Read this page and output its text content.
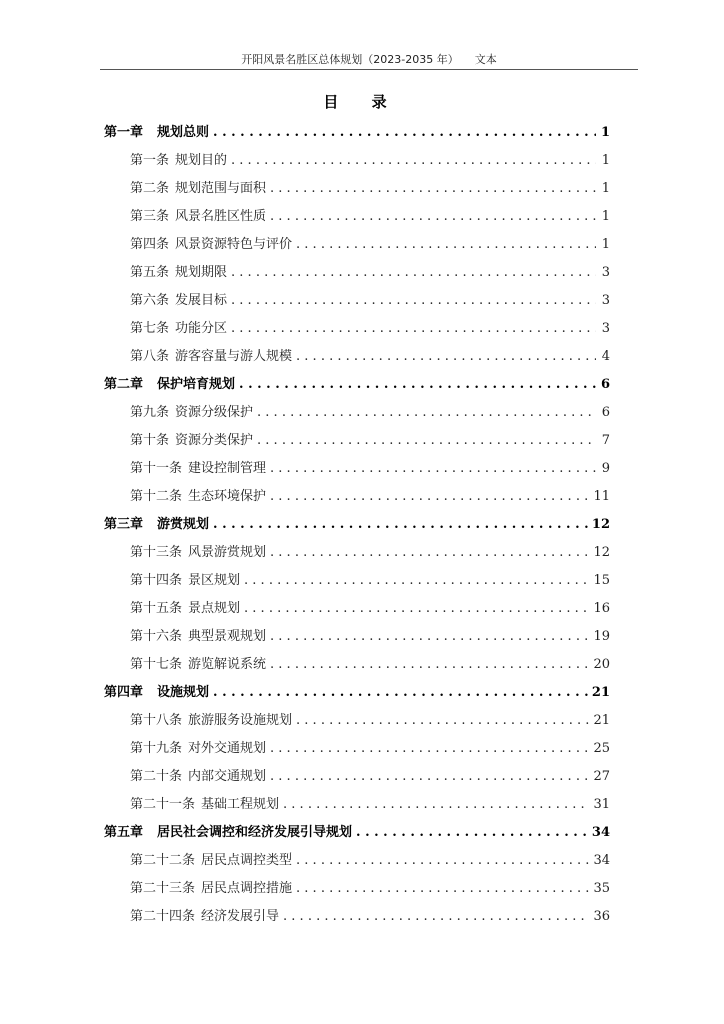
开阳风景名胜区总体规划（2023-2035 年） 文本
目 录
第一章 规划总则 . . .	1
第一条 规划目的 . . .	1
第二条 规划范围与面积 . . .	1
第三条 风景名胜区性质 . . .	1
第四条 风景资源特色与评价 . . .	1
第五条 规划期限 . . .	3
第六条 发展目标 . . .	3
第七条 功能分区 . . .	3
第八条 游客容量与游人规模 . . .	4
第二章 保护培育规划 . . .	6
第九条 资源分级保护 . . .	6
第十条 资源分类保护 . . .	7
第十一条 建设控制管理 . . .	9
第十二条 生态环境保护 . . .	11
第三章 游赏规划 . . .	12
第十三条 风景游赏规划 . . .	12
第十四条 景区规划 . . .	15
第十五条 景点规划 . . .	16
第十六条 典型景观规划 . . .	19
第十七条 游览解说系统 . . .	20
第四章 设施规划 . . .	21
第十八条 旅游服务设施规划 . . .	21
第十九条 对外交通规划 . . .	25
第二十条 内部交通规划 . . .	27
第二十一条 基础工程规划 . . .	31
第五章 居民社会调控和经济发展引导规划 . . .	34
第二十二条 居民点调控类型 . . .	34
第二十三条 居民点调控措施 . . .	35
第二十四条 经济发展引导 . . .	36
